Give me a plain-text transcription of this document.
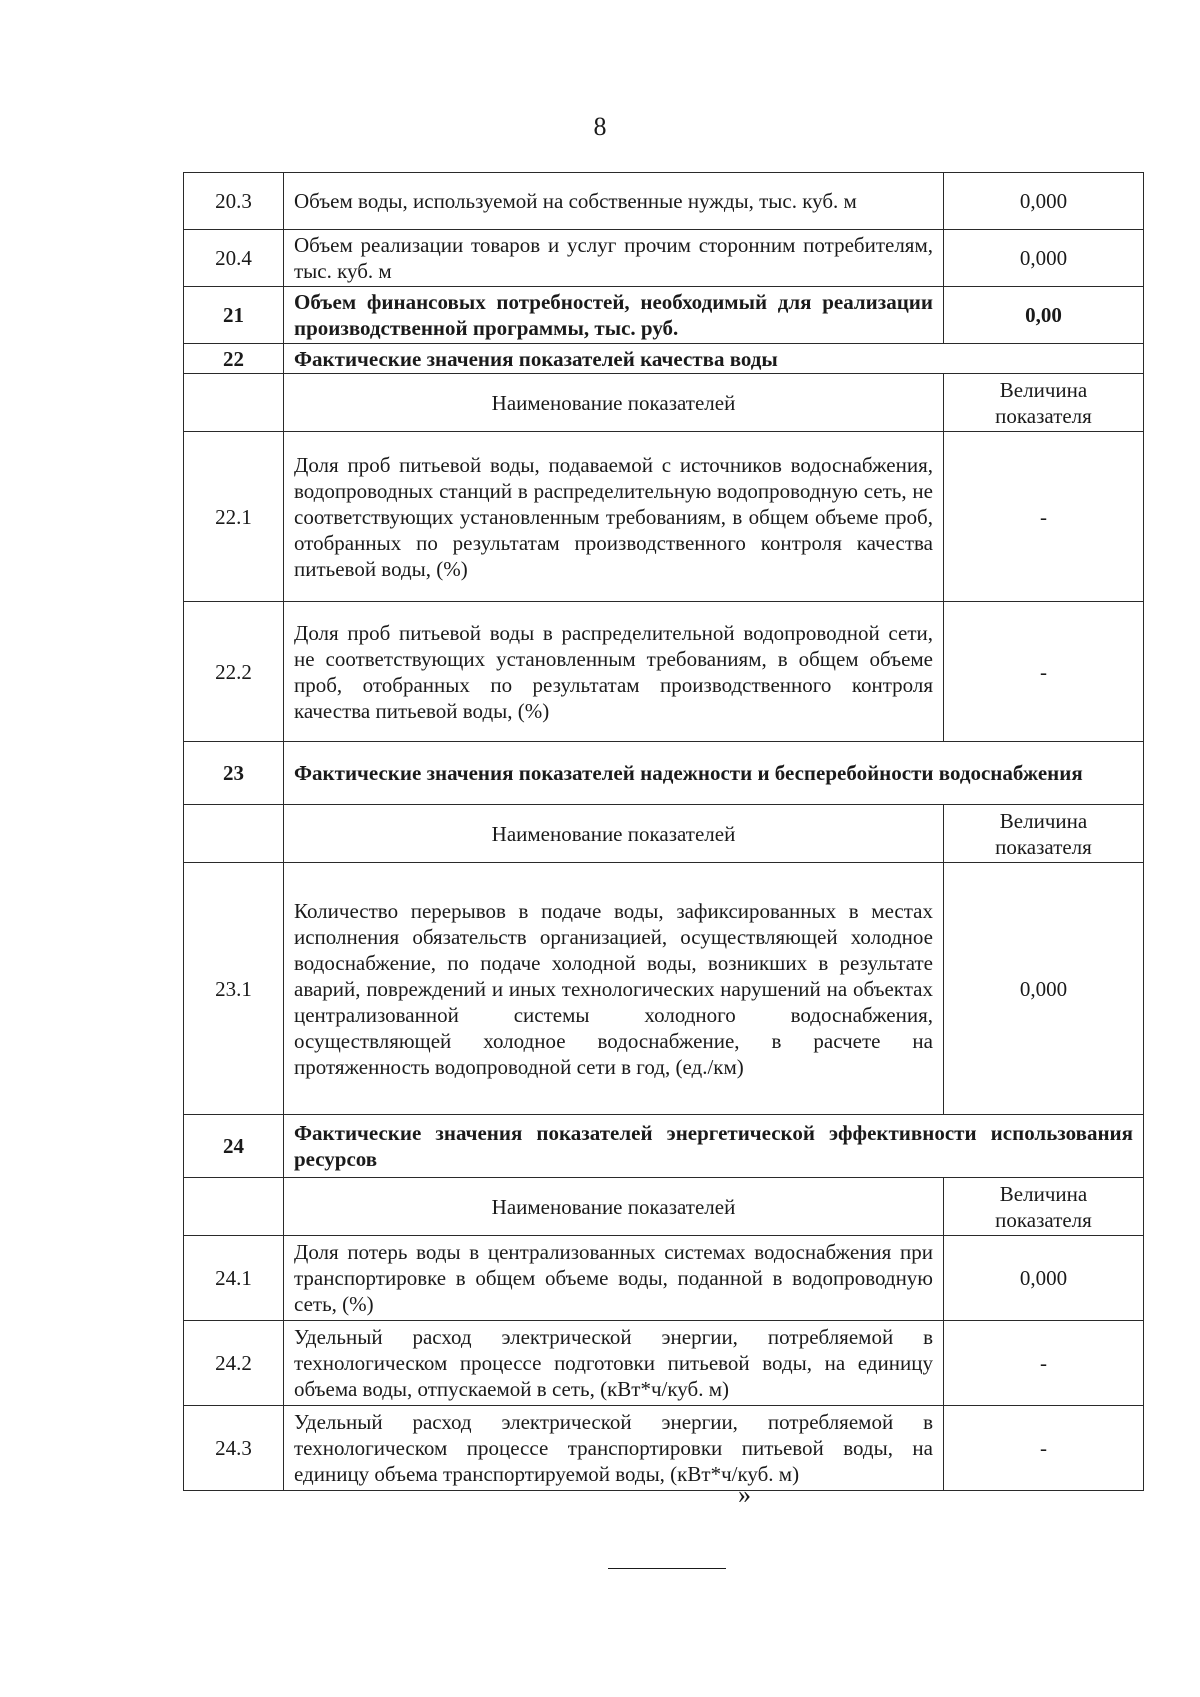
8
20.3	Объем воды, используемой на собственные нужды, тыс. куб. м	0,000
20.4	Объем реализации товаров и услуг прочим сторонним потребителям, тыс. куб. м	0,000
21	Объем финансовых потребностей, необходимый для реализации производственной программы, тыс. руб.	0,00
22	Фактические значения показателей качества воды	
	Наименование показателей	Величина показателя
22.1	Доля проб питьевой воды, подаваемой с источников водоснабжения, водопроводных станций в распределительную водопроводную сеть, не соответствующих установленным требованиям, в общем объеме проб, отобранных по результатам производственного контроля качества питьевой воды, (%)	-
22.2	Доля проб питьевой воды в распределительной водопроводной сети, не соответствующих установленным требованиям, в общем объеме проб, отобранных по результатам производственного контроля качества питьевой воды, (%)	-
23	Фактические значения показателей надежности и бесперебойности водоснабжения	
	Наименование показателей	Величина показателя
23.1	Количество перерывов в подаче воды, зафиксированных в местах исполнения обязательств организацией, осуществляющей холодное водоснабжение, по подаче холодной воды, возникших в результате аварий, повреждений и иных технологических нарушений на объектах централизованной системы холодного водоснабжения, осуществляющей холодное водоснабжение, в расчете на протяженность водопроводной сети в год, (ед./км)	0,000
24	Фактические значения показателей энергетической эффективности использования ресурсов	
	Наименование показателей	Величина показателя
24.1	Доля потерь воды в централизованных системах водоснабжения при транспортировке в общем объеме воды, поданной в водопроводную сеть, (%)	0,000
24.2	Удельный расход электрической энергии, потребляемой в технологическом процессе подготовки питьевой воды, на единицу объема воды, отпускаемой в сеть, (кВт*ч/куб. м)	-
24.3	Удельный расход электрической энергии, потребляемой в технологическом процессе транспортировки питьевой воды, на единицу объема транспортируемой воды, (кВт*ч/куб. м)	-
»
